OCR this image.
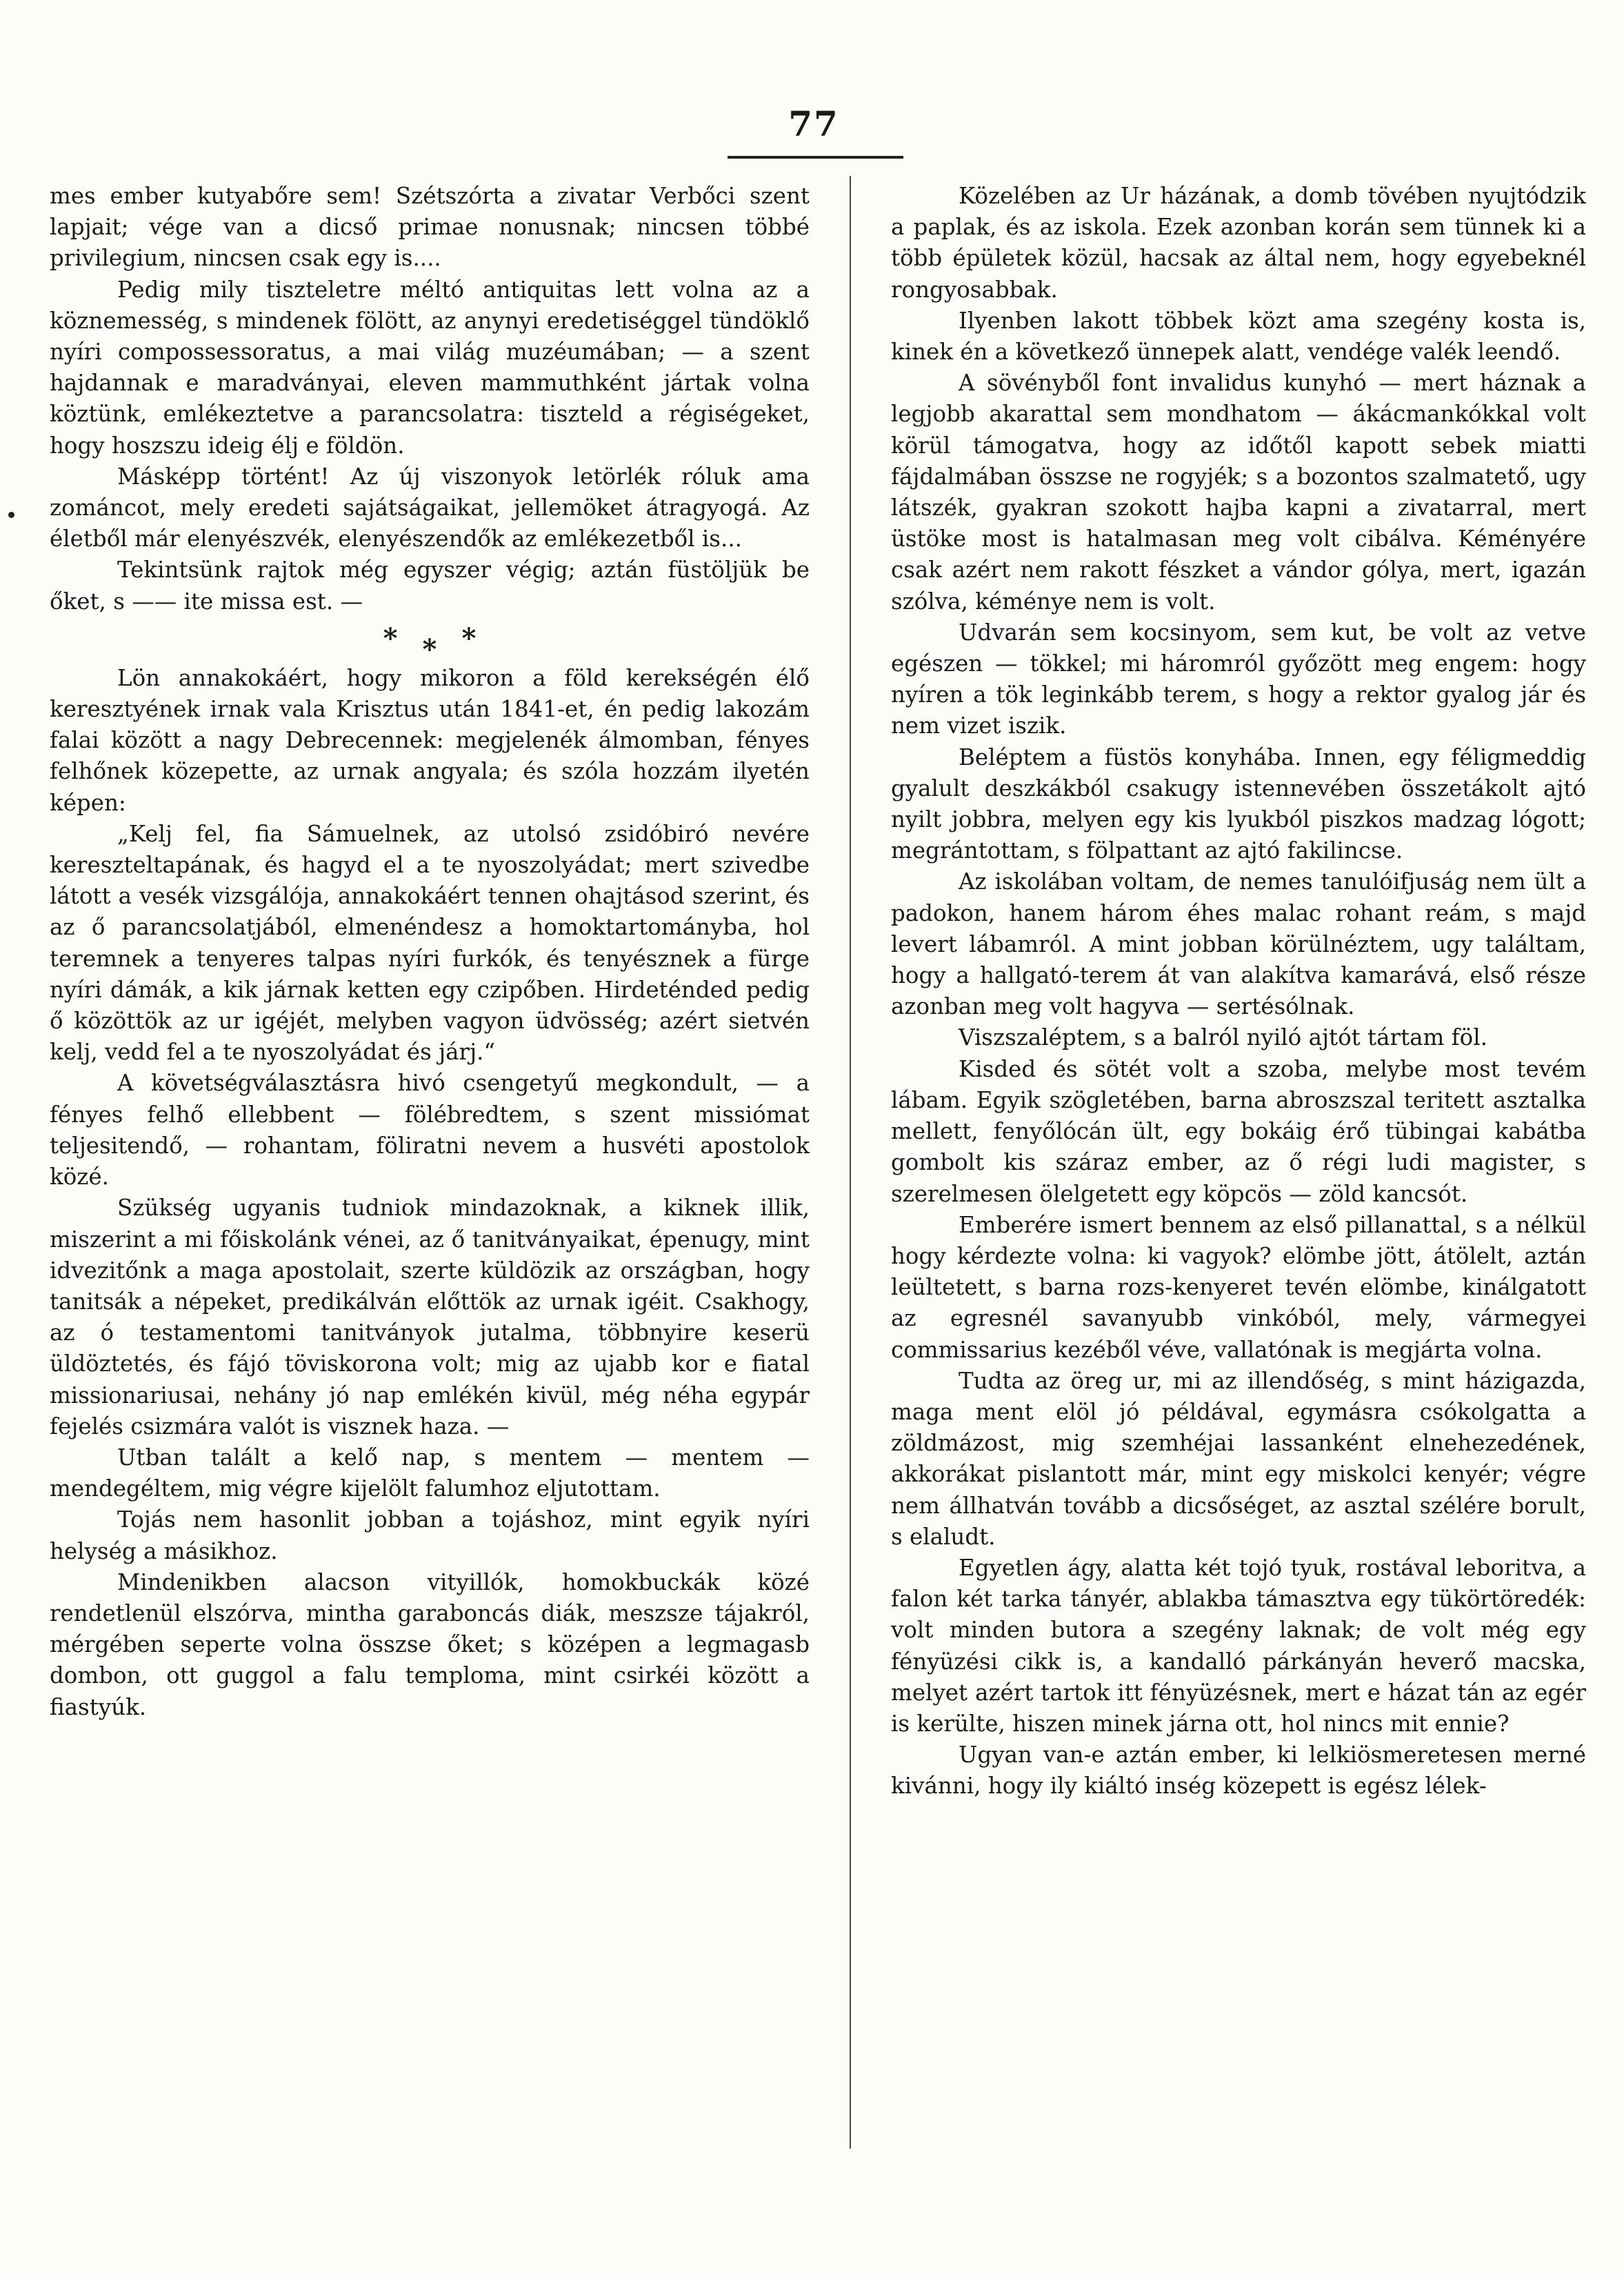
77

mes ember kutyabőre sem! Szétszórta a zivatar Verbőci szent lapjait; vége van a dicső primae nonusnak; nincsen többé privilegium, nincsen csak egy is....

Pedig mily tiszteletre méltó antiquitas lett volna az a köznemesség, s mindenek fölött, az anynyi eredetiséggel tündöklő nyíri compossessoratus, a mai világ muzéumában; — a szent hajdannak e maradványai, eleven mammuthként jártak volna köztünk, emlékeztetve a parancsolatra: tiszteld a régiségeket, hogy hoszszu ideig élj e földön.

Másképp történt! Az új viszonyok letörlék róluk ama zománcot, mely eredeti sajátságaikat, jellemöket átragyogá. Az életből már elenyészvék, elenyészendők az emlékezetből is...

Tekintsünk rajtok még egyszer végig; aztán füstöljük be őket, s —— ite missa est. —

* * *

Lön annakokáért, hogy mikoron a föld kerekségén élő keresztyének irnak vala Krisztus után 1841-et, én pedig lakozám falai között a nagy Debrecennek: megjelenék álmomban, fényes felhőnek közepette, az urnak angyala; és szóla hozzám ilyetén képen:

„Kelj fel, fia Sámuelnek, az utolsó zsidóbiró nevére kereszteltapának, és hagyd el a te nyoszolyádat; mert szivedbe látott a vesék vizsgálója, annakokáért tennen ohajtásod szerint, és az ő parancsolatjából, elmenéndesz a homoktartományba, hol teremnek a tenyeres talpas nyíri furkók, és tenyésznek a fürge nyíri dámák, a kik járnak ketten egy czipőben. Hirdeténded pedig ő közöttök az ur igéjét, melyben vagyon üdvösség; azért sietvén kelj, vedd fel a te nyoszolyádat és járj.“

A követségválasztásra hivó csengetyű megkondult, — a fényes felhő ellebbent — fölébredtem, s szent missiómat teljesitendő, — rohantam, föliratni nevem a husvéti apostolok közé.

Szükség ugyanis tudniok mindazoknak, a kiknek illik, miszerint a mi főiskolánk vénei, az ő tanitványaikat, épenugy, mint idvezitőnk a maga apostolait, szerte küldözik az országban, hogy tanitsák a népeket, predikálván előttök az urnak igéit. Csakhogy, az ó testamentomi tanitványok jutalma, többnyire keserü üldöztetés, és fájó töviskorona volt; mig az ujabb kor e fiatal missionariusai, nehány jó nap emlékén kivül, még néha egypár fejelés csizmára valót is visznek haza. —

Utban talált a kelő nap, s mentem — mentem — mendegéltem, mig végre kijelölt falumhoz eljutottam.

Tojás nem hasonlit jobban a tojáshoz, mint egyik nyíri helység a másikhoz.

Mindenikben alacson vityillók, homokbuckák közé rendetlenül elszórva, mintha garaboncás diák, meszsze tájakról, mérgében seperte volna összse őket; s középen a legmagasb dombon, ott guggol a falu temploma, mint csirkéi között a fiastyúk.

Közelében az Ur házának, a domb tövében nyujtódzik a paplak, és az iskola. Ezek azonban korán sem tünnek ki a több épületek közül, hacsak az által nem, hogy egyebeknél rongyosabbak.

Ilyenben lakott többek közt ama szegény kosta is, kinek én a következő ünnepek alatt, vendége valék leendő.

A sövényből font invalidus kunyhó — mert háznak a legjobb akarattal sem mondhatom — ákácmankókkal volt körül támogatva, hogy az időtől kapott sebek miatti fájdalmában összse ne rogyjék; s a bozontos szalmatető, ugy látszék, gyakran szokott hajba kapni a zivatarral, mert üstöke most is hatalmasan meg volt cibálva. Kéményére csak azért nem rakott fészket a vándor gólya, mert, igazán szólva, kéménye nem is volt.

Udvarán sem kocsinyom, sem kut, be volt az vetve egészen — tökkel; mi háromról győzött meg engem: hogy nyíren a tök leginkább terem, s hogy a rektor gyalog jár és nem vizet iszik.

Beléptem a füstös konyhába. Innen, egy féligmeddig gyalult deszkákból csakugy istennevében összetákolt ajtó nyilt jobbra, melyen egy kis lyukból piszkos madzag lógott; megrántottam, s fölpattant az ajtó fakilincse.

Az iskolában voltam, de nemes tanulóifjuság nem ült a padokon, hanem három éhes malac rohant reám, s majd levert lábamról. A mint jobban körülnéztem, ugy találtam, hogy a hallgató-terem át van alakítva kamarává, első része azonban meg volt hagyva — sertésólnak.

Viszszaléptem, s a balról nyiló ajtót tártam föl.

Kisded és sötét volt a szoba, melybe most tevém lábam. Egyik szögletében, barna abroszszal teritett asztalka mellett, fenyőlócán ült, egy bokáig érő tübingai kabátba gombolt kis száraz ember, az ő régi ludi magister, s szerelmesen ölelgetett egy köpcös — zöld kancsót.

Emberére ismert bennem az első pillanattal, s a nélkül hogy kérdezte volna: ki vagyok? elömbe jött, átölelt, aztán leültetett, s barna rozs-kenyeret tevén elömbe, kinálgatott az egresnél savanyubb vinkóból, mely, vármegyei commissarius kezéből véve, vallatónak is megjárta volna.

Tudta az öreg ur, mi az illendőség, s mint házigazda, maga ment elöl jó példával, egymásra csókolgatta a zöldmázost, mig szemhéjai lassanként elnehezedének, akkorákat pislantott már, mint egy miskolci kenyér; végre nem állhatván tovább a dicsőséget, az asztal szélére borult, s elaludt.

Egyetlen ágy, alatta két tojó tyuk, rostával leboritva, a falon két tarka tányér, ablakba támasztva egy tükörtöredék: volt minden butora a szegény laknak; de volt még egy fényüzési cikk is, a kandalló párkányán heverő macska, melyet azért tartok itt fényüzésnek, mert e házat tán az egér is kerülte, hiszen minek járna ott, hol nincs mit ennie?

Ugyan van-e aztán ember, ki lelkiösmeretesen merné kivánni, hogy ily kiáltó inség közepett is egész lélek-
